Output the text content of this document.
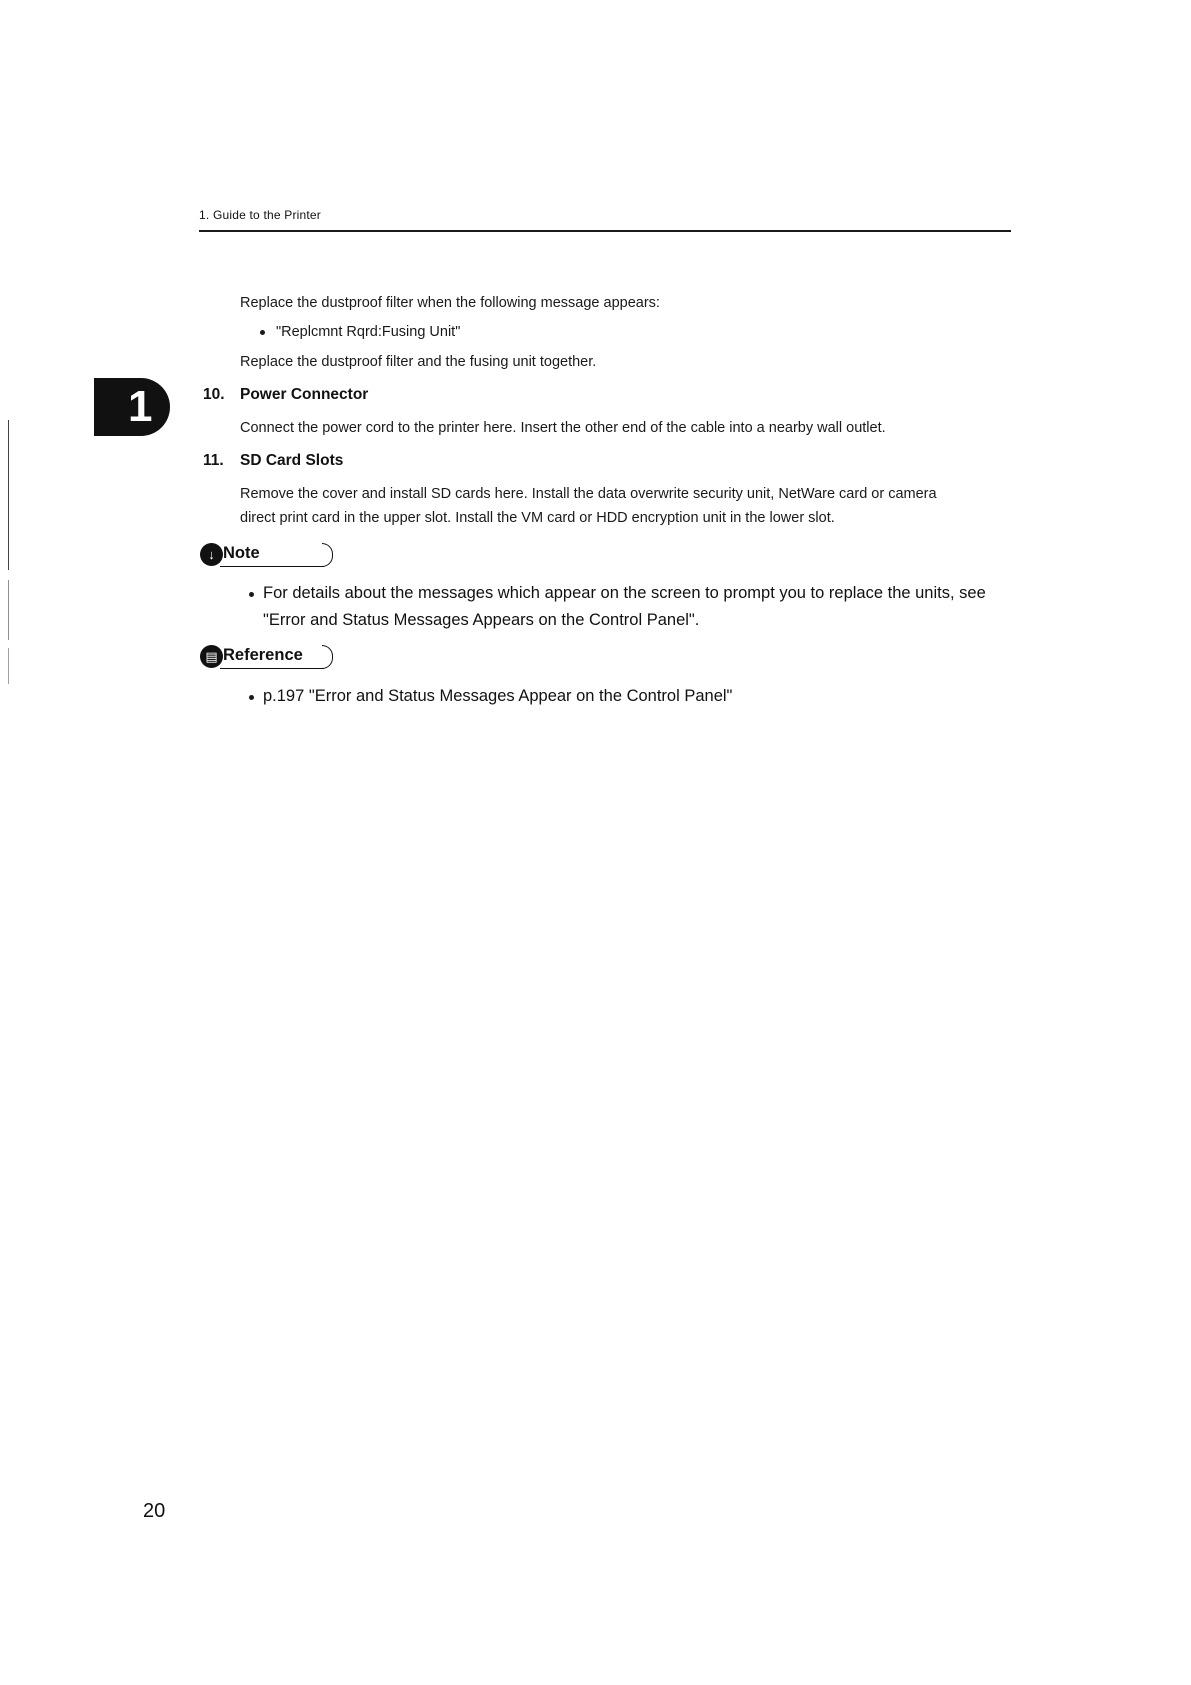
1. Guide to the Printer
1
Replace the dustproof filter when the following message appears:
"Replcmnt Rqrd:Fusing Unit"
Replace the dustproof filter and the fusing unit together.
10. Power Connector
Connect the power cord to the printer here. Insert the other end of the cable into a nearby wall outlet.
11. SD Card Slots
Remove the cover and install SD cards here. Install the data overwrite security unit, NetWare card or camera
direct print card in the upper slot. Install the VM card or HDD encryption unit in the lower slot.
↓ Note
For details about the messages which appear on the screen to prompt you to replace the units, see
"Error and Status Messages Appears on the Control Panel".
▤ Reference
p.197 "Error and Status Messages Appear on the Control Panel"
20
